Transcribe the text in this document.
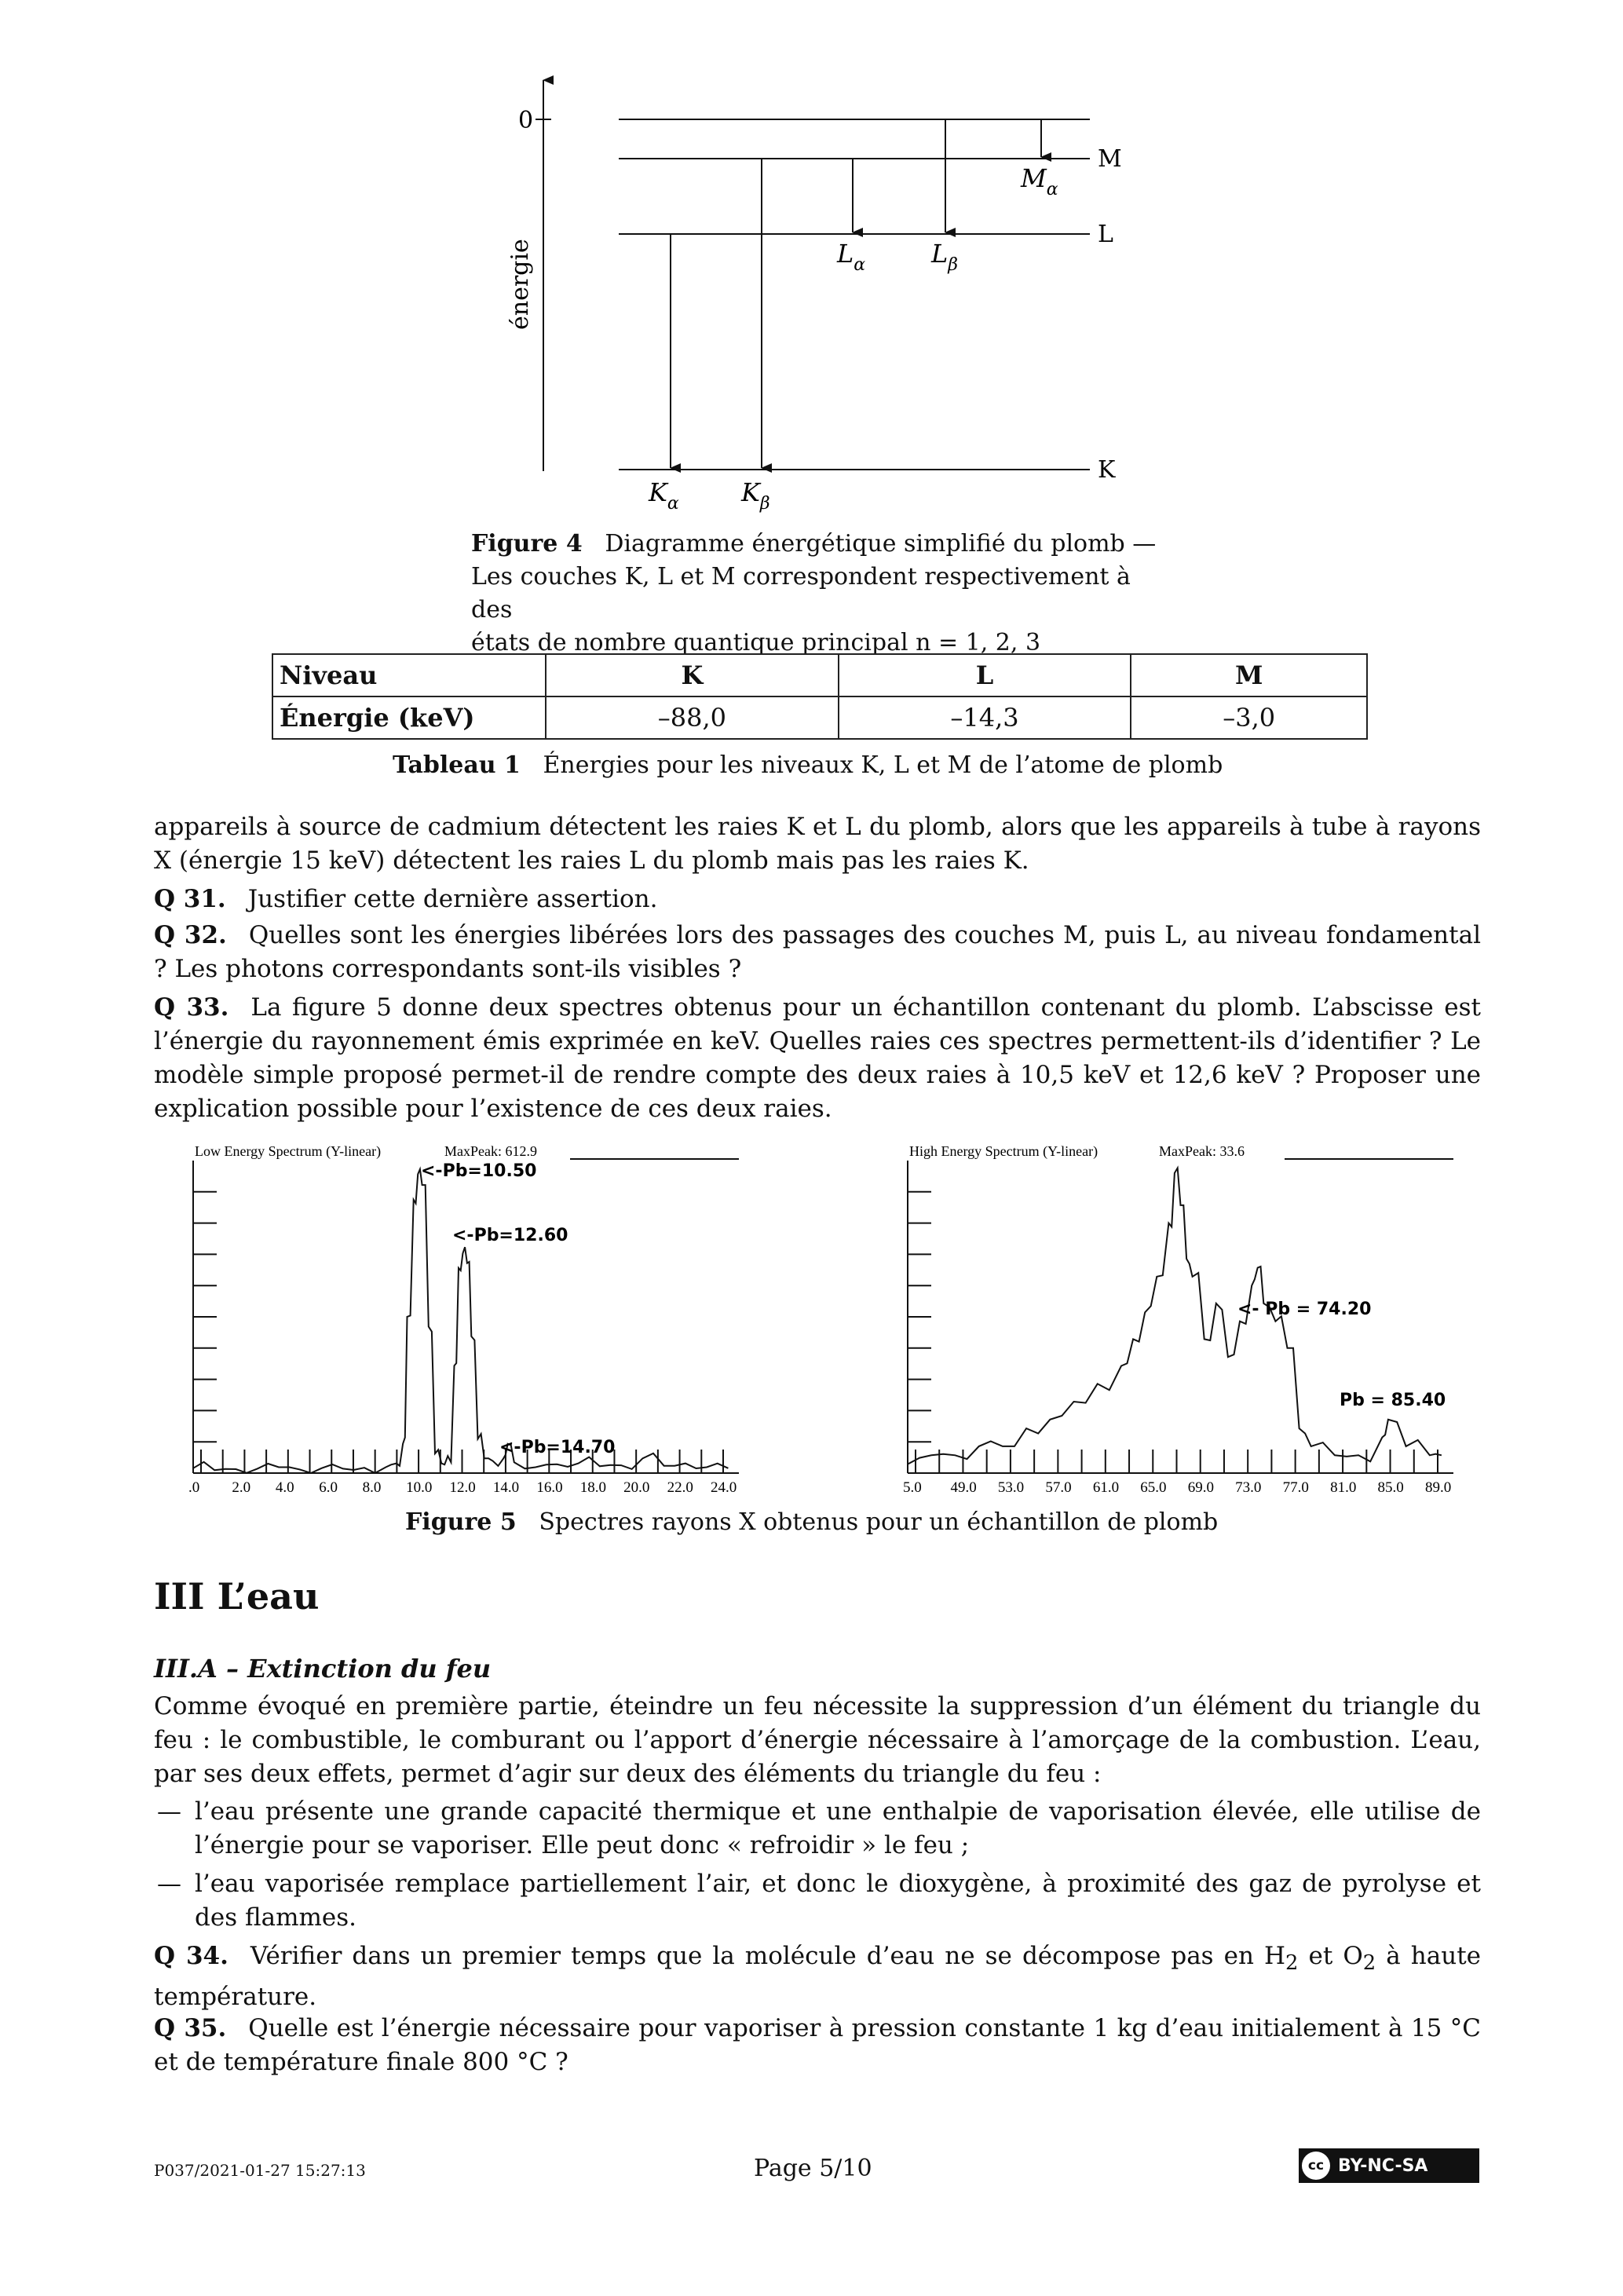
0
énergie
M
L
K
$K_\alpha$ $K_\beta$
$L_\alpha$	$L_\beta$
$M_\alpha$
Figure 4 Diagramme énergétique simplifié du plomb —
Les couches K, L et M correspondent respectivement à des
états de nombre quantique principal n = 1, 2, 3
Niveau	K	L	M
Énergie (keV)	–88,0	–14,3	–3,0
Tableau 1 Énergies pour les niveaux K, L et M de l’atome de plomb
appareils à source de cadmium détectent les raies K et L du plomb, alors que les appareils à tube à rayons X (énergie 15 keV) détectent les raies L du plomb mais pas les raies K.
Q 31. Justifier cette dernière assertion.
Q 32. Quelles sont les énergies libérées lors des passages des couches M, puis L, au niveau fondamental ? Les photons correspondants sont-ils visibles ?
Q 33. La figure 5 donne deux spectres obtenus pour un échantillon contenant du plomb. L’abscisse est l’énergie du rayonnement émis exprimée en keV. Quelles raies ces spectres permettent-ils d’identifier ? Le modèle simple proposé permet-il de rendre compte des deux raies à 10,5 keV et 12,6 keV ? Proposer une explication possible pour l’existence de ces deux raies.
Low Energy Spectrum (Y-linear)	MaxPeak: 612.9
.0 2.0 4.0 6.0 8.0 10.0 12.0 14.0 16.0 18.0 20.0 22.0 24.0
<-Pb=10.50
<-Pb=12.60
<-Pb=14.70
High Energy Spectrum (Y-linear)	MaxPeak: 33.6
5.0 49.0 53.0 57.0 61.0 65.0 69.0 73.0 77.0 81.0 85.0 89.0
<- Pb = 74.20
Pb = 85.40
Figure 5 Spectres rayons X obtenus pour un échantillon de plomb
III L’eau
III.A – Extinction du feu
Comme évoqué en première partie, éteindre un feu nécessite la suppression d’un élément du triangle du feu : le combustible, le comburant ou l’apport d’énergie nécessaire à l’amorçage de la combustion. L’eau, par ses deux effets, permet d’agir sur deux des éléments du triangle du feu :
— l’eau présente une grande capacité thermique et une enthalpie de vaporisation élevée, elle utilise de l’énergie pour se vaporiser. Elle peut donc « refroidir » le feu ;
— l’eau vaporisée remplace partiellement l’air, et donc le dioxygène, à proximité des gaz de pyrolyse et des flammes.
Q 34. Vérifier dans un premier temps que la molécule d’eau ne se décompose pas en $H_2$ et $O_2$ à haute température.
Q 35. Quelle est l’énergie nécessaire pour vaporiser à pression constante 1 kg d’eau initialement à 15 °C et de température finale 800 °C ?
P037/2021-01-27 15:27:13	Page 5/10	cc BY-NC-SA
